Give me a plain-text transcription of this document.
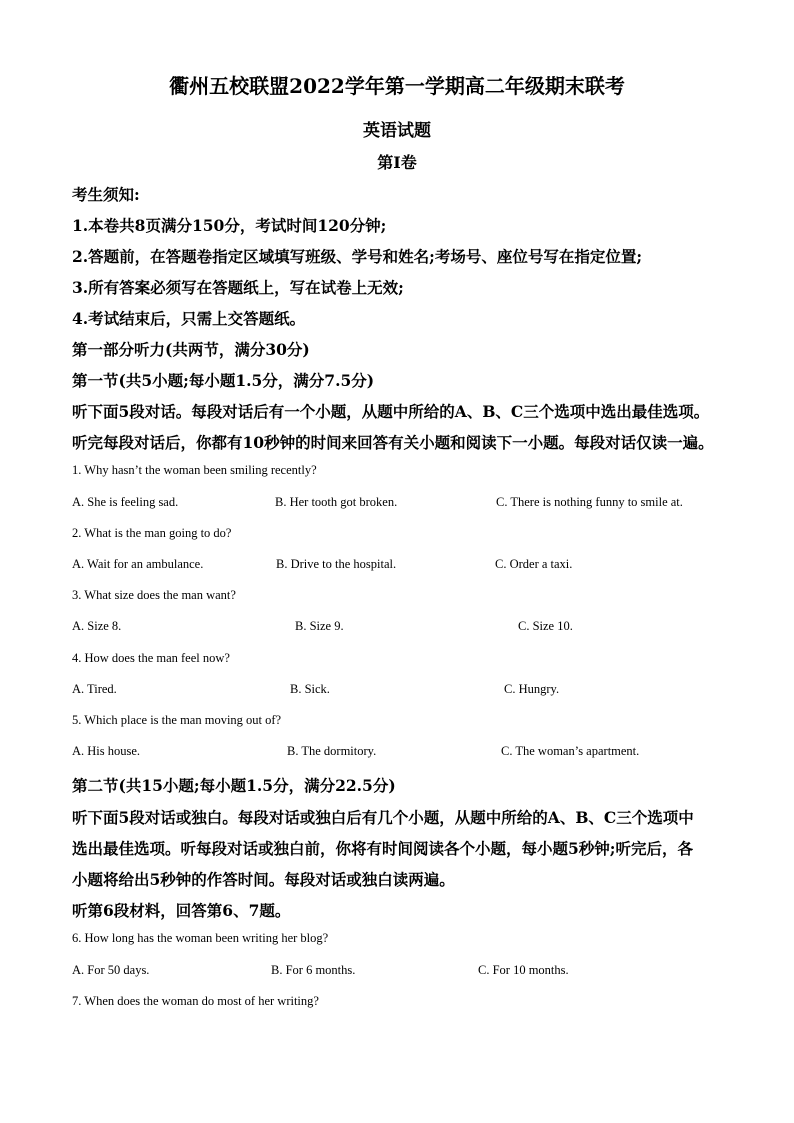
衢州五校联盟2022学年第一学期高二年级期末联考
英语试题
第I卷
考生须知:
1.本卷共8页满分150分，考试时间120分钟;
2.答题前，在答题卷指定区域填写班级、学号和姓名;考场号、座位号写在指定位置;
3.所有答案必须写在答题纸上，写在试卷上无效;
4.考试结束后，只需上交答题纸。
第一部分听力(共两节，满分30分)
第一节(共5小题;每小题1.5分，满分7.5分)
听下面5段对话。每段对话后有一个小题，从题中所给的A、B、C三个选项中选出最佳选项。
听完每段对话后，你都有10秒钟的时间来回答有关小题和阅读下一小题。每段对话仅读一遍。
1. Why hasn’t the woman been smiling recently?
A. She is feeling sad.	B. Her tooth got broken.	C. There is nothing funny to smile at.
2. What is the man going to do?
A. Wait for an ambulance.	B. Drive to the hospital.	C. Order a taxi.
3. What size does the man want?
A. Size 8.	B. Size 9.	C. Size 10.
4. How does the man feel now?
A. Tired.	B. Sick.	C. Hungry.
5. Which place is the man moving out of?
A. His house.	B. The dormitory.	C. The woman’s apartment.
第二节(共15小题;每小题1.5分，满分22.5分)
听下面5段对话或独白。每段对话或独白后有几个小题，从题中所给的A、B、C三个选项中
选出最佳选项。听每段对话或独白前，你将有时间阅读各个小题，每小题5秒钟;听完后，各
小题将给出5秒钟的作答时间。每段对话或独白读两遍。
听第6段材料，回答第6、7题。
6. How long has the woman been writing her blog?
A. For 50 days.	B. For 6 months.	C. For 10 months.
7. When does the woman do most of her writing?
